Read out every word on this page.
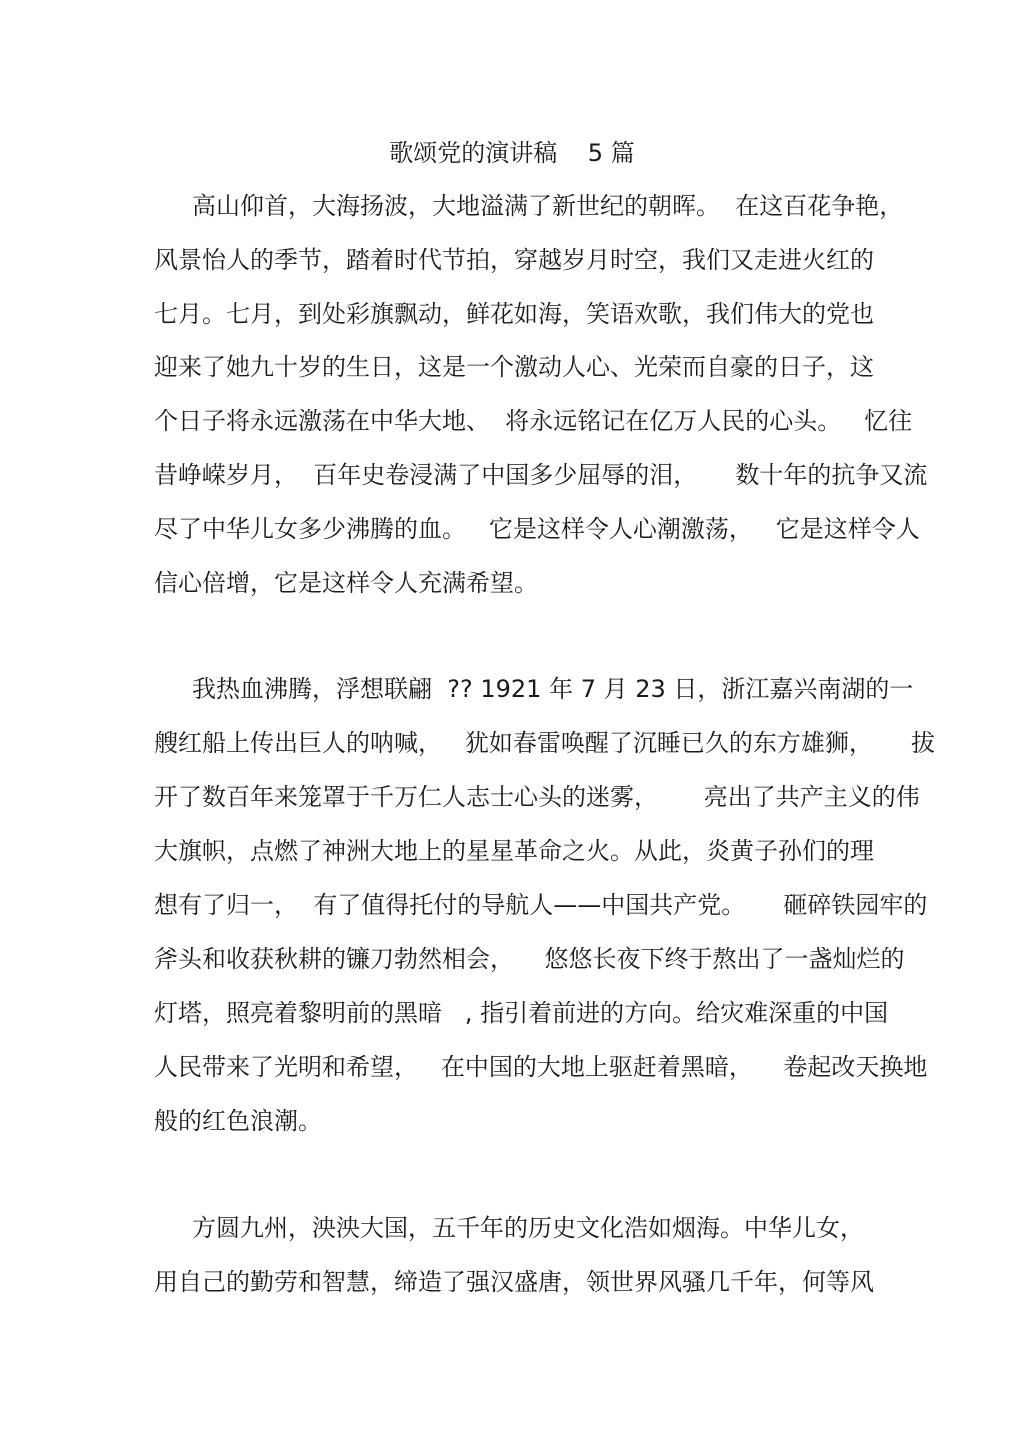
歌颂党的演讲稿    5 篇
高山仰首，大海扬波，大地溢满了新世纪的朝晖。  在这百花争艳，
风景怡人的季节，踏着时代节拍，穿越岁月时空，我们又走进火红的
七月。七月，到处彩旗飘动，鲜花如海，笑语欢歌，我们伟大的党也
迎来了她九十岁的生日，这是一个激动人心、光荣而自豪的日子，这
个日子将永远激荡在中华大地、  将永远铭记在亿万人民的心头。   忆往
昔峥嵘岁月，  百年史卷浸满了中国多少屈辱的泪，     数十年的抗争又流
尽了中华儿女多少沸腾的血。   它是这样令人心潮激荡，   它是这样令人
信心倍增，它是这样令人充满希望。
我热血沸腾，浮想联翩  ?? 1921 年 7 月 23 日，浙江嘉兴南湖的一
艘红船上传出巨人的呐喊，   犹如春雷唤醒了沉睡已久的东方雄狮，     拔
开了数百年来笼罩于千万仁人志士心头的迷雾，      亮出了共产主义的伟
大旗帜，点燃了神洲大地上的星星革命之火。从此，炎黄子孙们的理
想有了归一，  有了值得托付的导航人——中国共产党。     砸碎铁园牢的
斧头和收获秋耕的镰刀勃然相会，    悠悠长夜下终于熬出了一盏灿烂的
灯塔，照亮着黎明前的黑暗   , 指引着前进的方向。给灾难深重的中国
人民带来了光明和希望，   在中国的大地上驱赶着黑暗，    卷起改天换地
般的红色浪潮。
方圆九州，泱泱大国，五千年的历史文化浩如烟海。中华儿女，
用自己的勤劳和智慧，缔造了强汉盛唐，领世界风骚几千年，何等风
